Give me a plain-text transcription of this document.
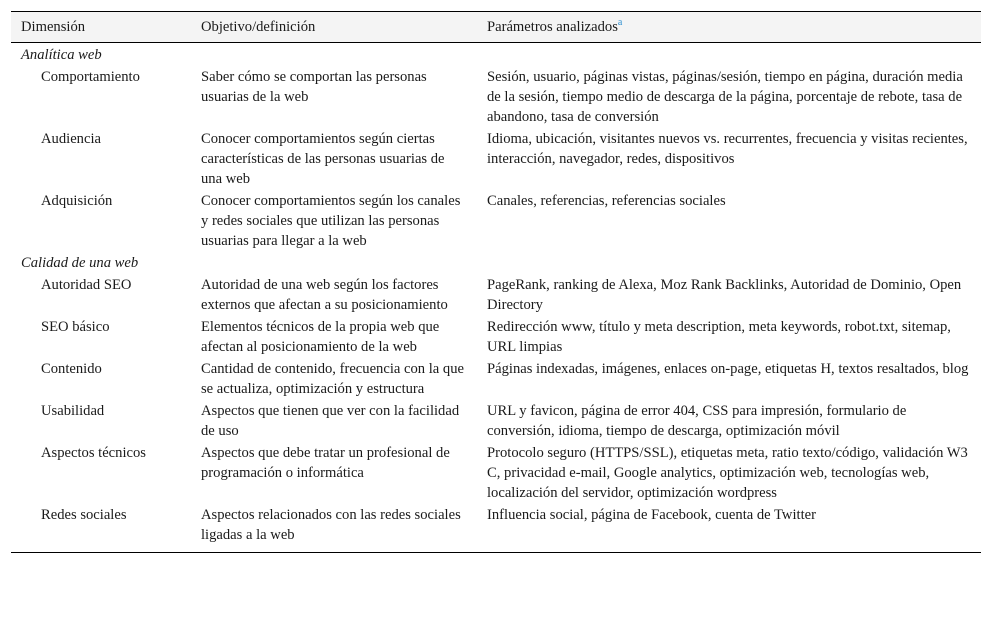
Dimensión	Objetivo/definición	Parámetros analizados$^a$
Analítica web		
Comportamiento	Saber cómo se comportan las personas usuarias de la web	Sesión, usuario, páginas vistas, páginas/sesión, tiempo en página, duración media de la sesión, tiempo medio de descarga de la página, porcentaje de rebote, tasa de abandono, tasa de conversión
Audiencia	Conocer comportamientos según ciertas características de las personas usuarias de una web	Idioma, ubicación, visitantes nuevos vs. recurrentes, frecuencia y visitas recientes, interacción, navegador, redes, dispositivos
Adquisición	Conocer comportamientos según los canales y redes sociales que utilizan las personas usuarias para llegar a la web	Canales, referencias, referencias sociales
Calidad de una web		
Autoridad SEO	Autoridad de una web según los factores externos que afectan a su posicionamiento	PageRank, ranking de Alexa, Moz Rank Backlinks, Autoridad de Dominio, Open Directory
SEO básico	Elementos técnicos de la propia web que afectan al posicionamiento de la web	Redirección www, título y meta description, meta keywords, robot.txt, sitemap, URL limpias
Contenido	Cantidad de contenido, frecuencia con la que se actualiza, optimización y estructura	Páginas indexadas, imágenes, enlaces on-page, etiquetas H, textos resaltados, blog
Usabilidad	Aspectos que tienen que ver con la facilidad de uso	URL y favicon, página de error 404, CSS para impresión, formulario de conversión, idioma, tiempo de descarga, optimización móvil
Aspectos técnicos	Aspectos que debe tratar un profesional de programación o informática	Protocolo seguro (HTTPS/SSL), etiquetas meta, ratio texto/código, validación W3 C, privacidad e-mail, Google analytics, optimización web, tecnologías web, localización del servidor, optimización wordpress
Redes sociales	Aspectos relacionados con las redes sociales ligadas a la web	Influencia social, página de Facebook, cuenta de Twitter
